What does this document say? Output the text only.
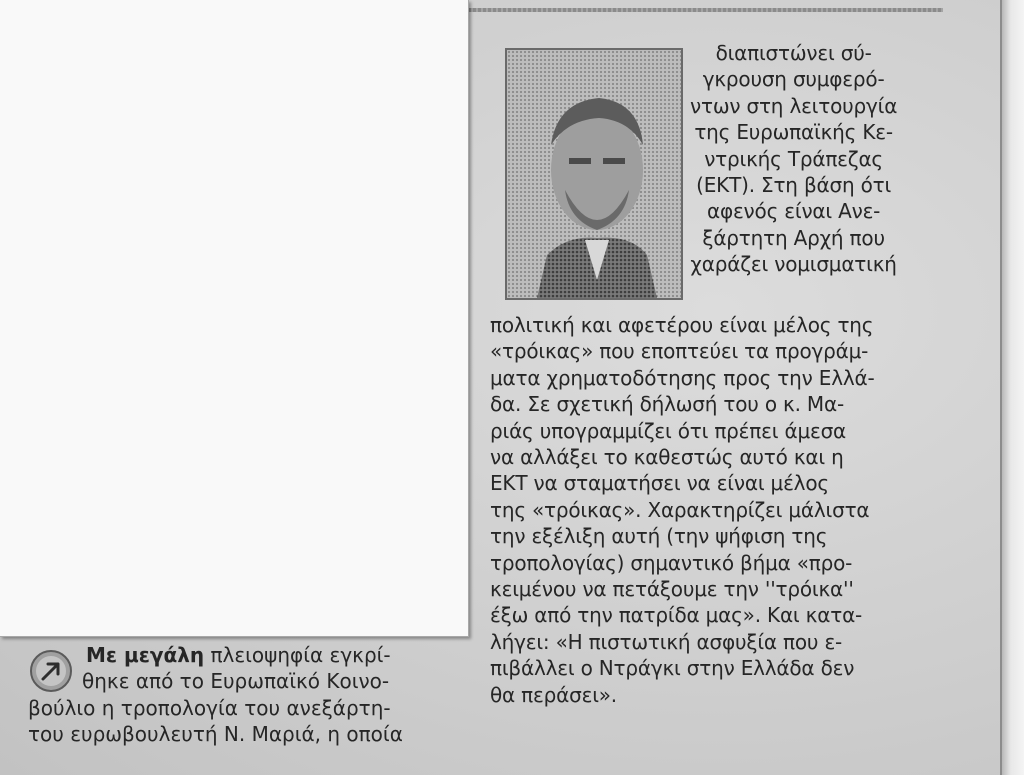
διαπιστώνει σύ-
γκρουση συμφερό-
ντων στη λειτουργία
της Ευρωπαϊκής Κε-
ντρικής Τράπεζας
(ΕΚΤ). Στη βάση ότι
αφενός είναι Ανε-
ξάρτητη Αρχή που
χαράζει νομισματική
πολιτική και αφετέρου είναι μέλος της
«τρόικας» που εποπτεύει τα προγράμ-
ματα χρηματοδότησης προς την Ελλά-
δα. Σε σχετική δήλωσή του ο κ. Μα-
ριάς υπογραμμίζει ότι πρέπει άμεσα
να αλλάξει το καθεστώς αυτό και η
ΕΚΤ να σταματήσει να είναι μέλος
της «τρόικας». Χαρακτηρίζει μάλιστα
την εξέλιξη αυτή (την ψήφιση της
τροπολογίας) σημαντικό βήμα «προ-
κειμένου να πετάξουμε την ''τρόικα''
έξω από την πατρίδα μας». Και κατα-
λήγει: «Η πιστωτική ασφυξία που ε-
πιβάλλει ο Ντράγκι στην Ελλάδα δεν
θα περάσει».
Με μεγάλη πλειοψηφία εγκρί-
θηκε από το Ευρωπαϊκό Κοινο-
βούλιο η τροπολογία του ανεξάρτη-
του ευρωβουλευτή Ν. Μαριά, η οποία
